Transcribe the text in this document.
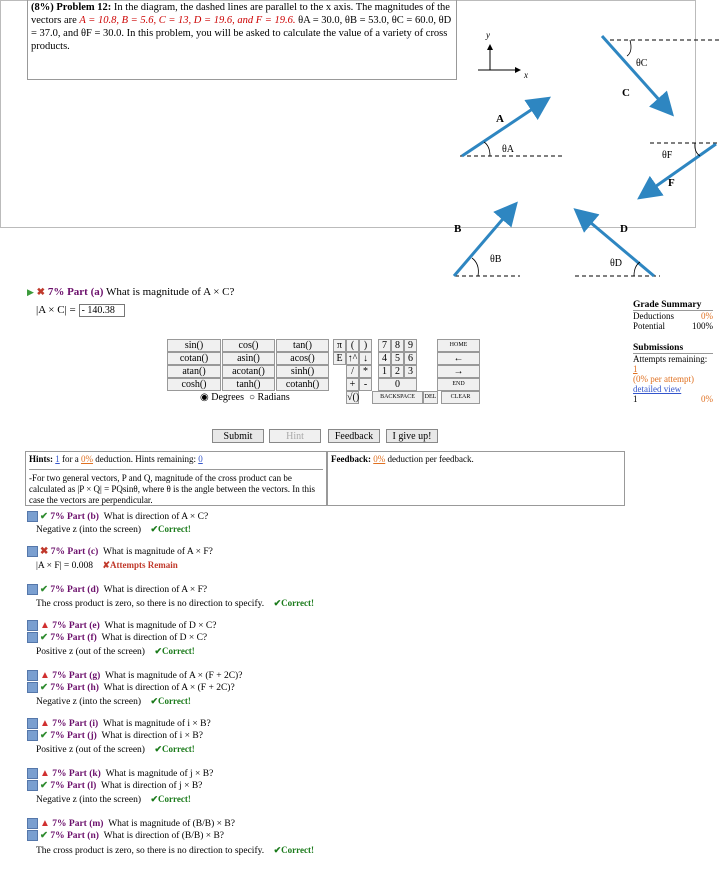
(8%) Problem 12: In the diagram, the dashed lines are parallel to the x axis. The magnitudes of the vectors are A = 10.8, B = 5.6, C = 13, D = 19.6, and F = 19.6. θA = 30.0, θB = 53.0, θC = 60.0, θD = 37.0, and θF = 30.0. In this problem, you will be asked to calculate the value of a variety of cross products.
y
x
θC
C
θA
A
θF
F
θB
B
θD
D
▶ ✖ 7% Part (a) What is magnitude of A × C?
|A × C| = - 140.38
sin()	cos()	tan()
cotan()	asin()	acos()
atan()	acotan()	sinh()
cosh()	tanh()	cotanh()
◉ Degrees ○ Radians
π ( )
E ↑^ ↓
/ *
+ -
√()
7 8 9
4 5 6
1 2 3
0
BACKSPACE	DEL
HOME
←
→
END
CLEAR
Submit	Hint	Feedback	I give up!
Hints: 1 for a 0% deduction. Hints remaining: 0
-For two general vectors, P and Q, magnitude of the cross product can be calculated as |P × Q| = PQsinθ, where θ is the angle between the vectors. In this case the vectors are perpendicular.
Feedback: 0% deduction per feedback.
Grade Summary
Deductions	0%
Potential	100%
Submissions
Attempts remaining: 1
(0% per attempt)
detailed view
1	0%
✔ 7% Part (b) What is direction of A × C?
Negative z (into the screen) ✔Correct!
✖ 7% Part (c) What is magnitude of A × F?
|A × F| = 0.008 ✘Attempts Remain
✔ 7% Part (d) What is direction of A × F?
The cross product is zero, so there is no direction to specify. ✔Correct!
▲ 7% Part (e) What is magnitude of D × C?
✔ 7% Part (f) What is direction of D × C?
Positive z (out of the screen) ✔Correct!
▲ 7% Part (g) What is magnitude of A × (F + 2C)?
✔ 7% Part (h) What is direction of A × (F + 2C)?
Negative z (into the screen) ✔Correct!
▲ 7% Part (i) What is magnitude of i × B?
✔ 7% Part (j) What is direction of i × B?
Positive z (out of the screen) ✔Correct!
▲ 7% Part (k) What is magnitude of j × B?
✔ 7% Part (l) What is direction of j × B?
Negative z (into the screen) ✔Correct!
▲ 7% Part (m) What is magnitude of (B/B) × B?
✔ 7% Part (n) What is direction of (B/B) × B?
The cross product is zero, so there is no direction to specify. ✔Correct!
